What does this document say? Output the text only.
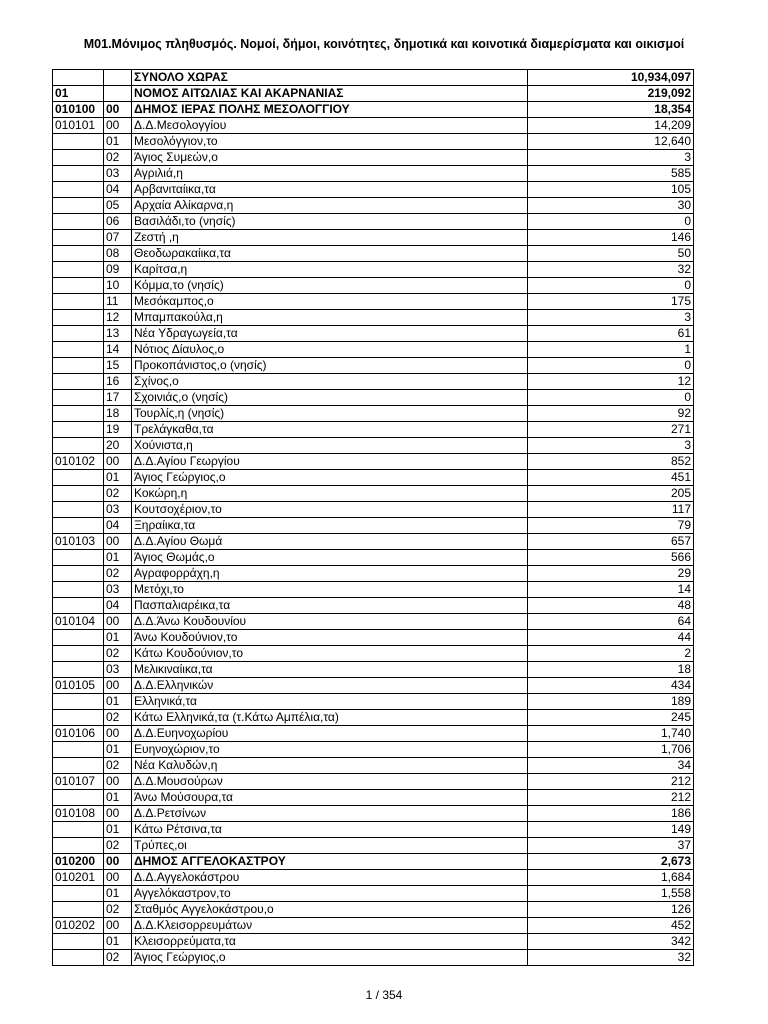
M01.Μόνιμος πληθυσμός. Νομοί, δήμοι, κοινότητες, δημοτικά και κοινοτικά διαμερίσματα και οικισμοί
		ΣΥΝΟΛΟ ΧΩΡΑΣ	10,934,097
01		ΝΟΜΟΣ ΑΙΤΩΛΙΑΣ ΚΑΙ ΑΚΑΡΝΑΝΙΑΣ	219,092
010100	00	ΔΗΜΟΣ ΙΕΡΑΣ ΠΟΛΗΣ ΜΕΣΟΛΟΓΓΙΟΥ	18,354
010101	00	Δ.Δ.Μεσολογγίου	14,209
	01	Μεσολόγγιον,το	12,640
	02	Άγιος Συμεών,ο	3
	03	Αγριλιά,η	585
	04	Αρβανιταίικα,τα	105
	05	Αρχαία Αλίκαρνα,η	30
	06	Βασιλάδι,το (νησίς)	0
	07	Ζεστή ,η	146
	08	Θεοδωρακαίικα,τα	50
	09	Καρίτσα,η	32
	10	Κόμμα,το (νησίς)	0
	11	Μεσόκαμπος,ο	175
	12	Μπαμπακούλα,η	3
	13	Νέα Υδραγωγεία,τα	61
	14	Νότιος Δίαυλος,ο	1
	15	Προκοπάνιστος,ο (νησίς)	0
	16	Σχίνος,ο	12
	17	Σχοινιάς,ο (νησίς)	0
	18	Τουρλίς,η (νησίς)	92
	19	Τρελάγκαθα,τα	271
	20	Χούνιστα,η	3
010102	00	Δ.Δ.Αγίου Γεωργίου	852
	01	Άγιος Γεώργιος,ο	451
	02	Κοκώρη,η	205
	03	Κουτσοχέριον,το	117
	04	Ξηραίικα,τα	79
010103	00	Δ.Δ.Αγίου Θωμά	657
	01	Άγιος Θωμάς,ο	566
	02	Αγραφορράχη,η	29
	03	Μετόχι,το	14
	04	Πασπαλιαρέικα,τα	48
010104	00	Δ.Δ.Άνω Κουδουνίου	64
	01	Άνω Κουδούνιον,το	44
	02	Κάτω Κουδούνιον,το	2
	03	Μελικιναίικα,τα	18
010105	00	Δ.Δ.Ελληνικών	434
	01	Ελληνικά,τα	189
	02	Κάτω Ελληνικά,τα (τ.Κάτω Αμπέλια,τα)	245
010106	00	Δ.Δ.Ευηνοχωρίου	1,740
	01	Ευηνοχώριον,το	1,706
	02	Νέα Καλυδών,η	34
010107	00	Δ.Δ.Μουσούρων	212
	01	Άνω Μούσουρα,τα	212
010108	00	Δ.Δ.Ρετσίνων	186
	01	Κάτω Ρέτσινα,τα	149
	02	Τρύπες,οι	37
010200	00	ΔΗΜΟΣ ΑΓΓΕΛΟΚΑΣΤΡΟΥ	2,673
010201	00	Δ.Δ.Αγγελοκάστρου	1,684
	01	Αγγελόκαστρον,το	1,558
	02	Σταθμός Αγγελοκάστρου,ο	126
010202	00	Δ.Δ.Κλεισορρευμάτων	452
	01	Κλεισορρεύματα,τα	342
	02	Άγιος Γεώργιος,ο	32
1 / 354
